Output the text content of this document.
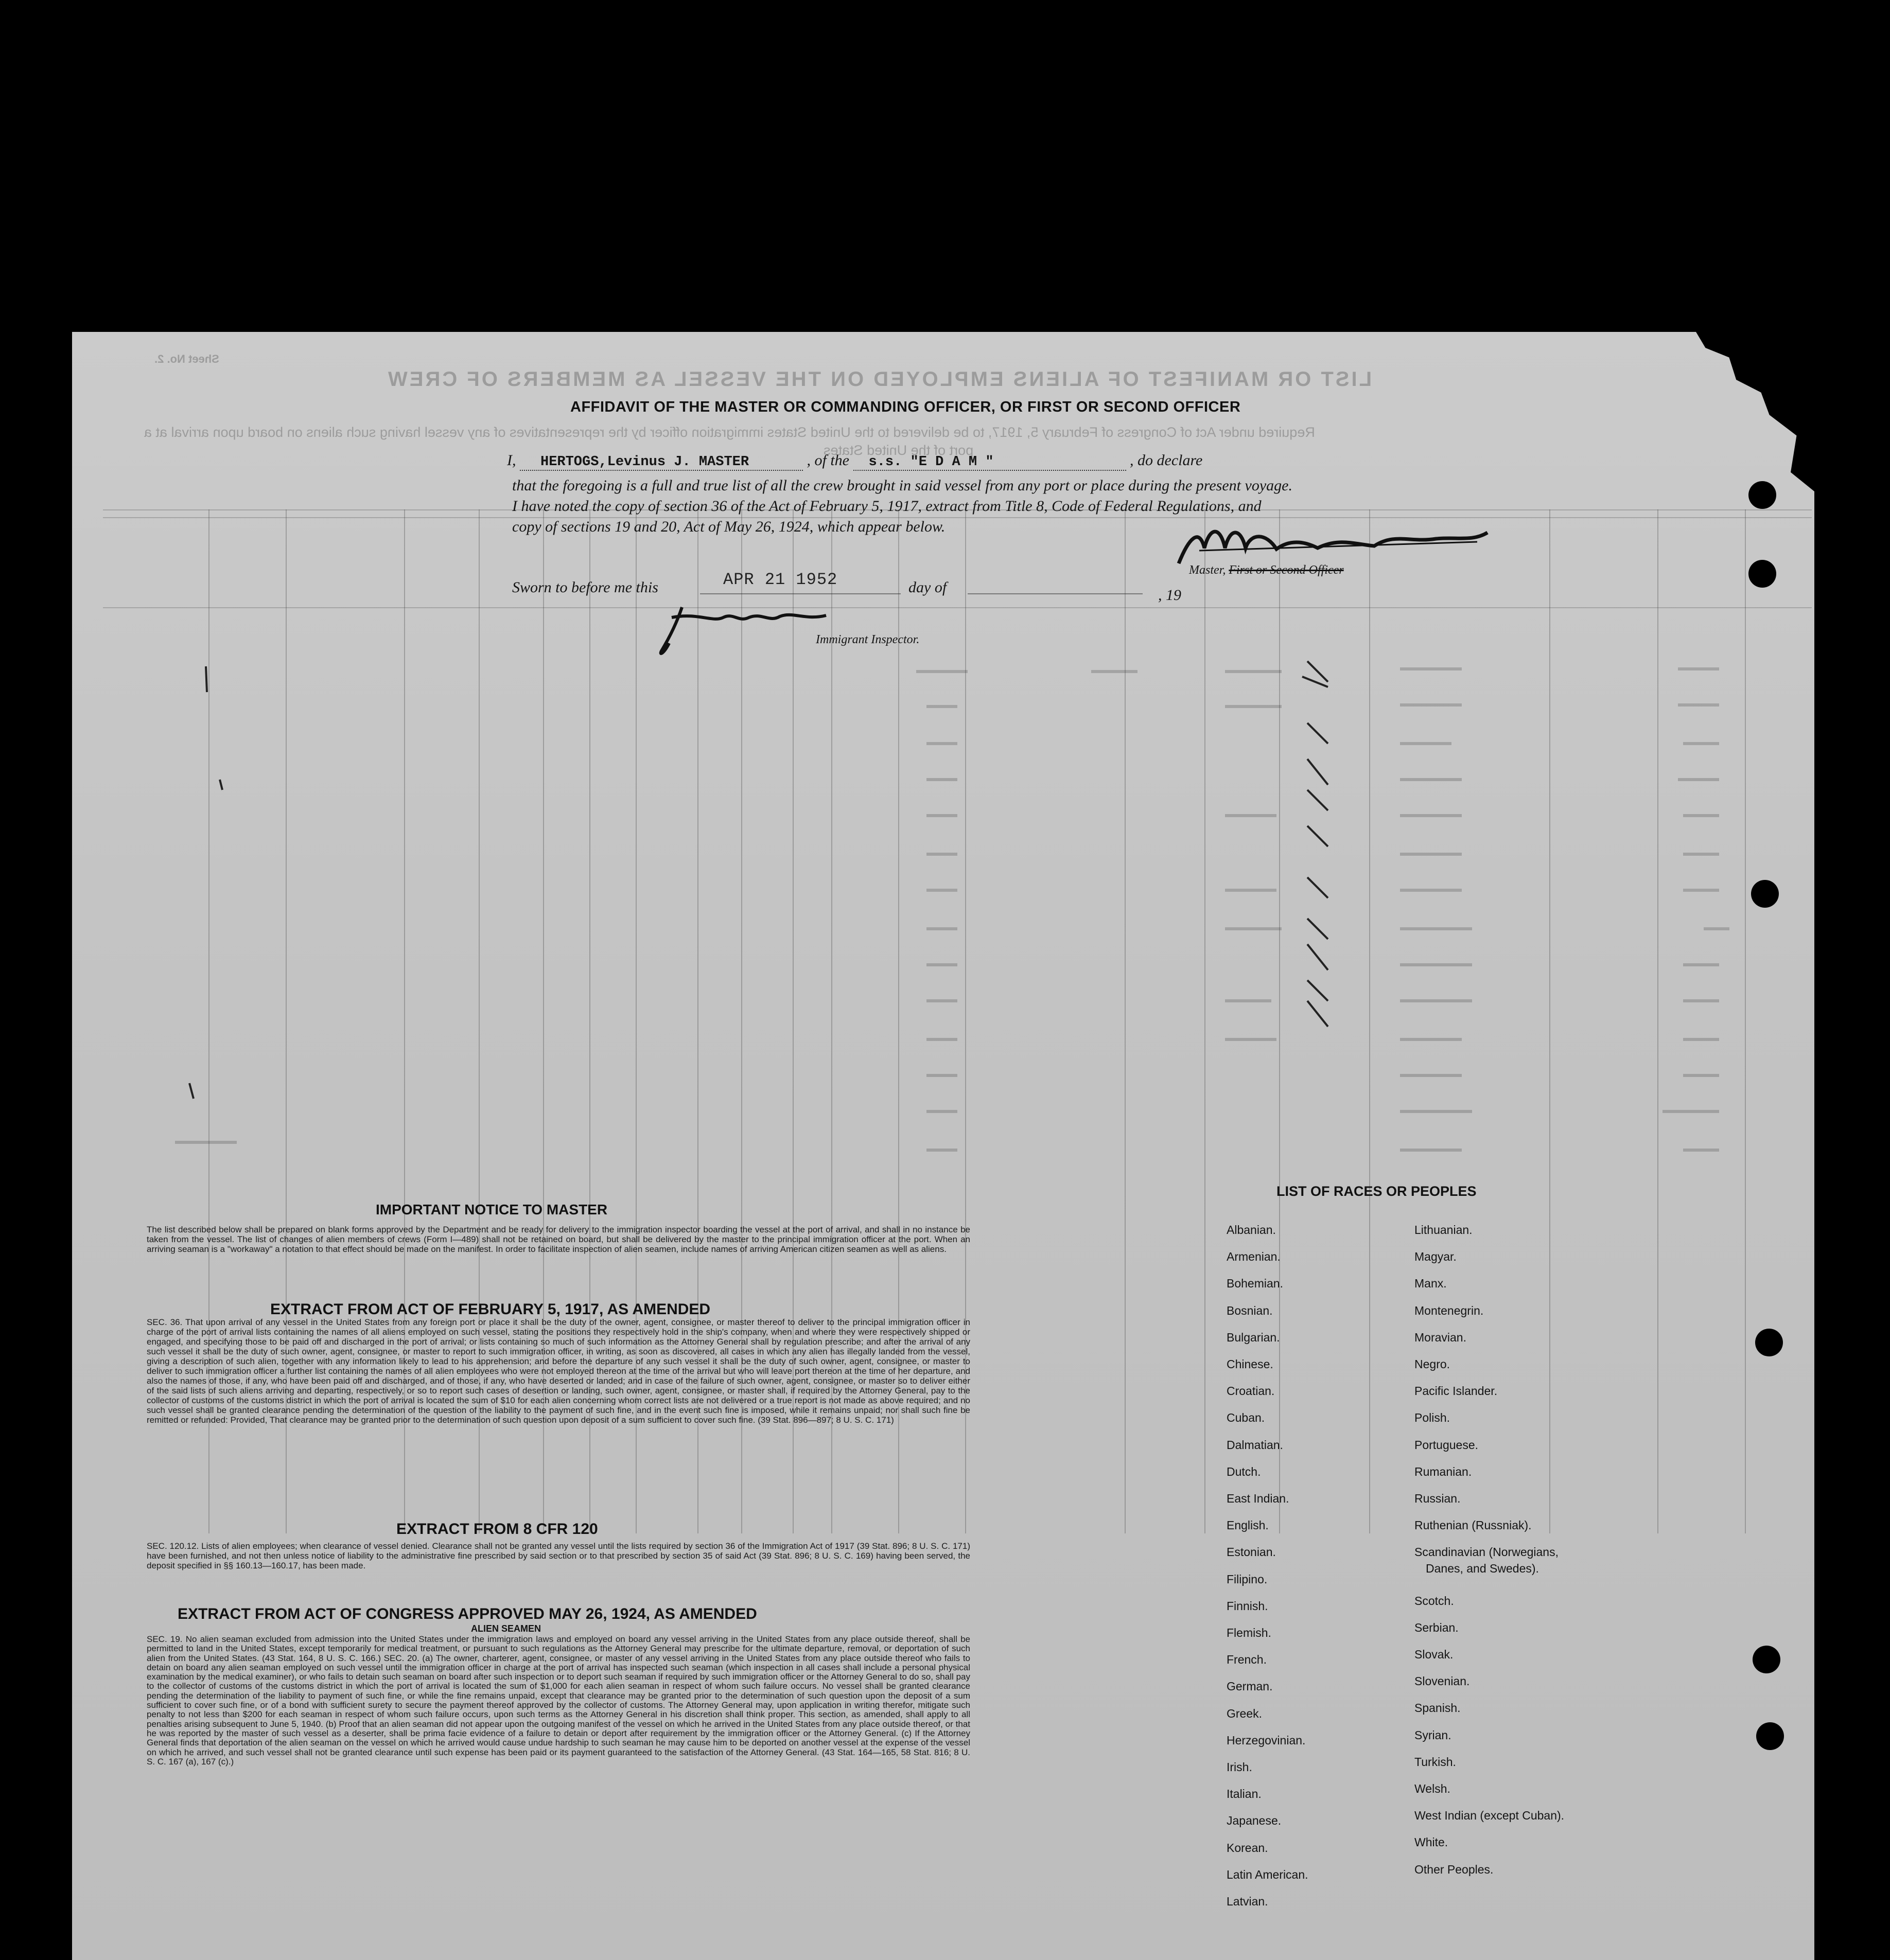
LIST OR MANIFEST OF ALIENS EMPLOYED ON THE VESSEL AS MEMBERS OF CREW
Sheet No. 2.
Required under Act of Congress of February 5, 1917, to be delivered to the United States immigration officer by the representatives of any vessel having such aliens on board upon arrival at a
port of the United States
AFFIDAVIT OF THE MASTER OR COMMANDING OFFICER, OR FIRST OR SECOND OFFICER
I, HERTOGS,Levinus J. MASTER	, of the s.s. "E D A M "	, do declare
that the foregoing is a full and true list of all the crew brought in said vessel from any port or place during the present voyage.
I have noted the copy of section 36 of the Act of February 5, 1917, extract from Title 8, Code of Federal Regulations, and
copy of sections 19 and 20, Act of May 26, 1924, which appear below.
Sworn to before me this	APR 21 1952	day of	, 19
Master, First or Second Officer
Immigrant Inspector.
IMPORTANT NOTICE TO MASTER
The list described below shall be prepared on blank forms approved by the Department and be ready for delivery to the immigration inspector boarding the vessel at the port of arrival, and shall in no instance be taken from the vessel. The list of changes of alien members of crews (Form I—489) shall not be retained on board, but shall be delivered by the master to the principal immigration officer at the port. When an arriving seaman is a "workaway" a notation to that effect should be made on the manifest. In order to facilitate inspection of alien seamen, include names of arriving American citizen seamen as well as aliens.
EXTRACT FROM ACT OF FEBRUARY 5, 1917, AS AMENDED
SEC. 36. That upon arrival of any vessel in the United States from any foreign port or place it shall be the duty of the owner, agent, consignee, or master thereof to deliver to the principal immigration officer in charge of the port of arrival lists containing the names of all aliens employed on such vessel, stating the positions they respectively hold in the ship's company, when and where they were respectively shipped or engaged, and specifying those to be paid off and discharged in the port of arrival; or lists containing so much of such information as the Attorney General shall by regulation prescribe; and after the arrival of any such vessel it shall be the duty of such owner, agent, consignee, or master to report to such immigration officer, in writing, as soon as discovered, all cases in which any alien has illegally landed from the vessel, giving a description of such alien, together with any information likely to lead to his apprehension; and before the departure of any such vessel it shall be the duty of such owner, agent, consignee, or master to deliver to such immigration officer a further list containing the names of all alien employees who were not employed thereon at the time of the arrival but who will leave port thereon at the time of her departure, and also the names of those, if any, who have been paid off and discharged, and of those, if any, who have deserted or landed; and in case of the failure of such owner, agent, consignee, or master so to deliver either of the said lists of such aliens arriving and departing, respectively, or so to report such cases of desertion or landing, such owner, agent, consignee, or master shall, if required by the Attorney General, pay to the collector of customs of the customs district in which the port of arrival is located the sum of $10 for each alien concerning whom correct lists are not delivered or a true report is not made as above required; and no such vessel shall be granted clearance pending the determination of the question of the liability to the payment of such fine, and in the event such fine is imposed, while it remains unpaid; nor shall such fine be remitted or refunded: Provided, That clearance may be granted prior to the determination of such question upon deposit of a sum sufficient to cover such fine. (39 Stat. 896—897; 8 U. S. C. 171)
EXTRACT FROM 8 CFR 120
SEC. 120.12. Lists of alien employees; when clearance of vessel denied. Clearance shall not be granted any vessel until the lists required by section 36 of the Immigration Act of 1917 (39 Stat. 896; 8 U. S. C. 171) have been furnished, and not then unless notice of liability to the administrative fine prescribed by said section or to that prescribed by section 35 of said Act (39 Stat. 896; 8 U. S. C. 169) having been served, the deposit specified in §§ 160.13—160.17, has been made.
EXTRACT FROM ACT OF CONGRESS APPROVED MAY 26, 1924, AS AMENDED
ALIEN SEAMEN
SEC. 19. No alien seaman excluded from admission into the United States under the immigration laws and employed on board any vessel arriving in the United States from any place outside thereof, shall be permitted to land in the United States, except temporarily for medical treatment, or pursuant to such regulations as the Attorney General may prescribe for the ultimate departure, removal, or deportation of such alien from the United States. (43 Stat. 164, 8 U. S. C. 166.) SEC. 20. (a) The owner, charterer, agent, consignee, or master of any vessel arriving in the United States from any place outside thereof who fails to detain on board any alien seaman employed on such vessel until the immigration officer in charge at the port of arrival has inspected such seaman (which inspection in all cases shall include a personal physical examination by the medical examiner), or who fails to detain such seaman on board after such inspection or to deport such seaman if required by such immigration officer or the Attorney General to do so, shall pay to the collector of customs of the customs district in which the port of arrival is located the sum of $1,000 for each alien seaman in respect of whom such failure occurs. No vessel shall be granted clearance pending the determination of the liability to payment of such fine, or while the fine remains unpaid, except that clearance may be granted prior to the determination of such question upon the deposit of a sum sufficient to cover such fine, or of a bond with sufficient surety to secure the payment thereof approved by the collector of customs. The Attorney General may, upon application in writing therefor, mitigate such penalty to not less than $200 for each seaman in respect of whom such failure occurs, upon such terms as the Attorney General in his discretion shall think proper. This section, as amended, shall apply to all penalties arising subsequent to June 5, 1940. (b) Proof that an alien seaman did not appear upon the outgoing manifest of the vessel on which he arrived in the United States from any place outside thereof, or that he was reported by the master of such vessel as a deserter, shall be prima facie evidence of a failure to detain or deport after requirement by the immigration officer or the Attorney General. (c) If the Attorney General finds that deportation of the alien seaman on the vessel on which he arrived would cause undue hardship to such seaman he may cause him to be deported on another vessel at the expense of the vessel on which he arrived, and such vessel shall not be granted clearance until such expense has been paid or its payment guaranteed to the satisfaction of the Attorney General. (43 Stat. 164—165, 58 Stat. 816; 8 U. S. C. 167 (a), 167 (c).)
LIST OF RACES OR PEOPLES
Albanian.
Armenian.
Bohemian.
Bosnian.
Bulgarian.
Chinese.
Croatian.
Cuban.
Dalmatian.
Dutch.
East Indian.
English.
Estonian.
Filipino.
Finnish.
Flemish.
French.
German.
Greek.
Herzegovinian.
Irish.
Italian.
Japanese.
Korean.
Latin American.
Latvian.
Lithuanian.
Magyar.
Manx.
Montenegrin.
Moravian.
Negro.
Pacific Islander.
Polish.
Portuguese.
Rumanian.
Russian.
Ruthenian (Russniak).
Scandinavian (Norwegians,
Danes, and Swedes).
Scotch.
Serbian.
Slovak.
Slovenian.
Spanish.
Syrian.
Turkish.
Welsh.
West Indian (except Cuban).
White.
Other Peoples.
